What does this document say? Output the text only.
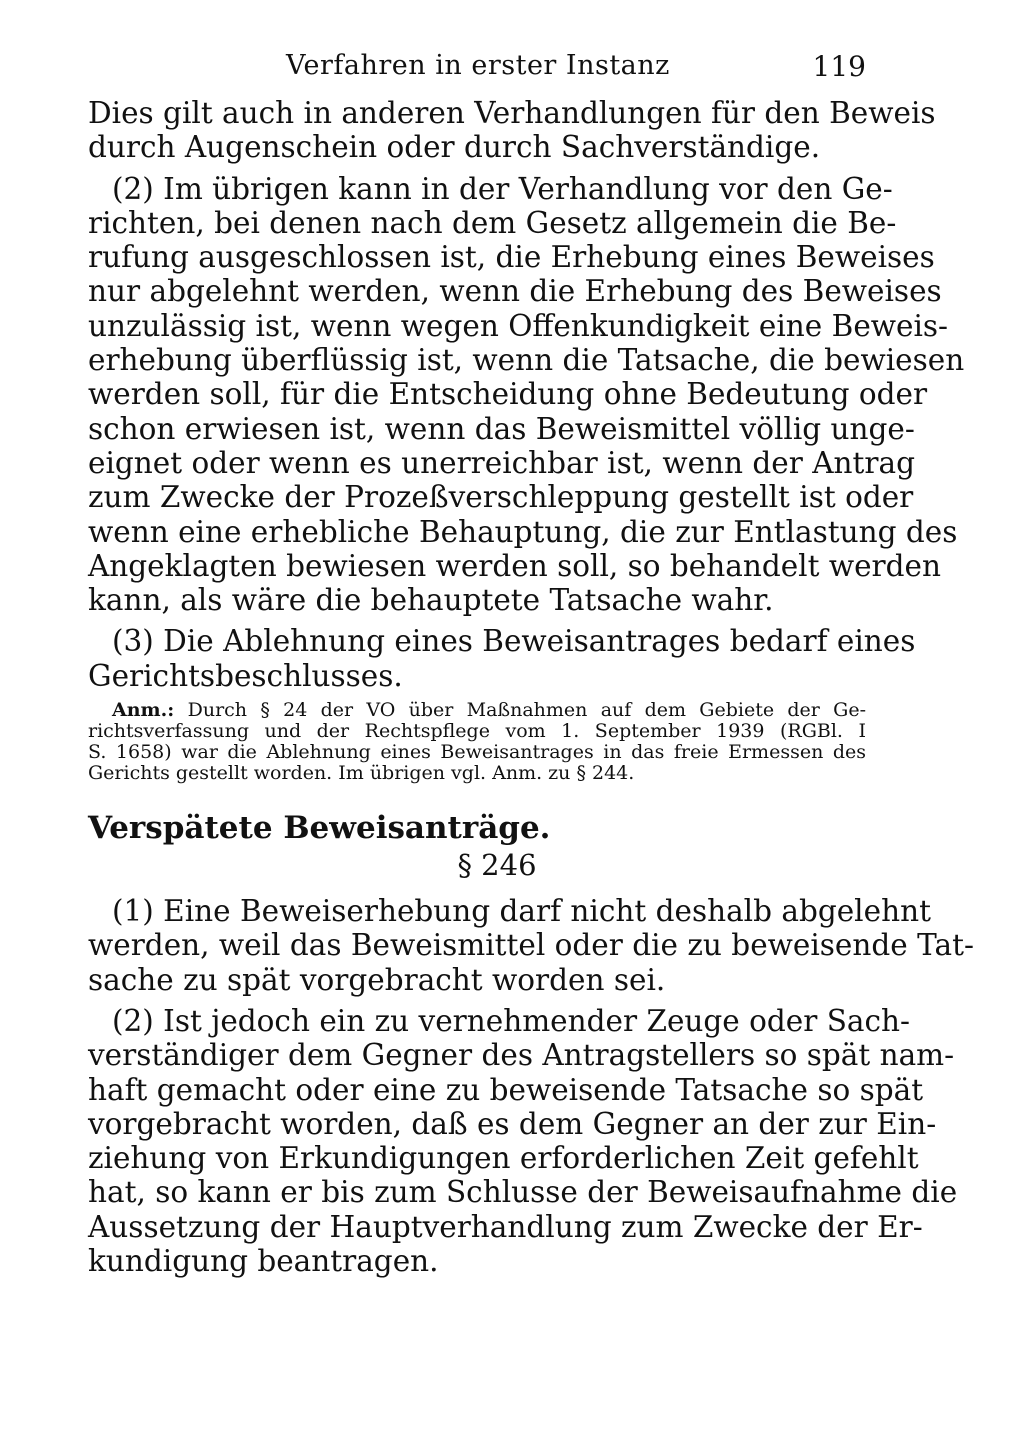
Verfahren in erster Instanz	119

Dies gilt auch in anderen Verhandlungen für den Beweis
durch Augenschein oder durch Sachverständige.

(2) Im übrigen kann in der Verhandlung vor den Ge-
richten, bei denen nach dem Gesetz allgemein die Be-
rufung ausgeschlossen ist, die Erhebung eines Beweises
nur abgelehnt werden, wenn die Erhebung des Beweises
unzulässig ist, wenn wegen Offenkundigkeit eine Beweis-
erhebung überflüssig ist, wenn die Tatsache, die bewiesen
werden soll, für die Entscheidung ohne Bedeutung oder
schon erwiesen ist, wenn das Beweismittel völlig unge-
eignet oder wenn es unerreichbar ist, wenn der Antrag
zum Zwecke der Prozeßverschleppung gestellt ist oder
wenn eine erhebliche Behauptung, die zur Entlastung des
Angeklagten bewiesen werden soll, so behandelt werden
kann, als wäre die behauptete Tatsache wahr.

(3) Die Ablehnung eines Beweisantrages bedarf eines
Gerichtsbeschlusses.

Anm.: Durch § 24 der VO über Maßnahmen auf dem Gebiete der Ge-
richtsverfassung und der Rechtspflege vom 1. September 1939 (RGBl. I
S. 1658) war die Ablehnung eines Beweisantrages in das freie Ermessen des
Gerichts gestellt worden. Im übrigen vgl. Anm. zu § 244.

Verspätete Beweisanträge.
§ 246

(1) Eine Beweiserhebung darf nicht deshalb abgelehnt
werden, weil das Beweismittel oder die zu beweisende Tat-
sache zu spät vorgebracht worden sei.

(2) Ist jedoch ein zu vernehmender Zeuge oder Sach-
verständiger dem Gegner des Antragstellers so spät nam-
haft gemacht oder eine zu beweisende Tatsache so spät
vorgebracht worden, daß es dem Gegner an der zur Ein-
ziehung von Erkundigungen erforderlichen Zeit gefehlt
hat, so kann er bis zum Schlusse der Beweisaufnahme die
Aussetzung der Hauptverhandlung zum Zwecke der Er-
kundigung beantragen.
